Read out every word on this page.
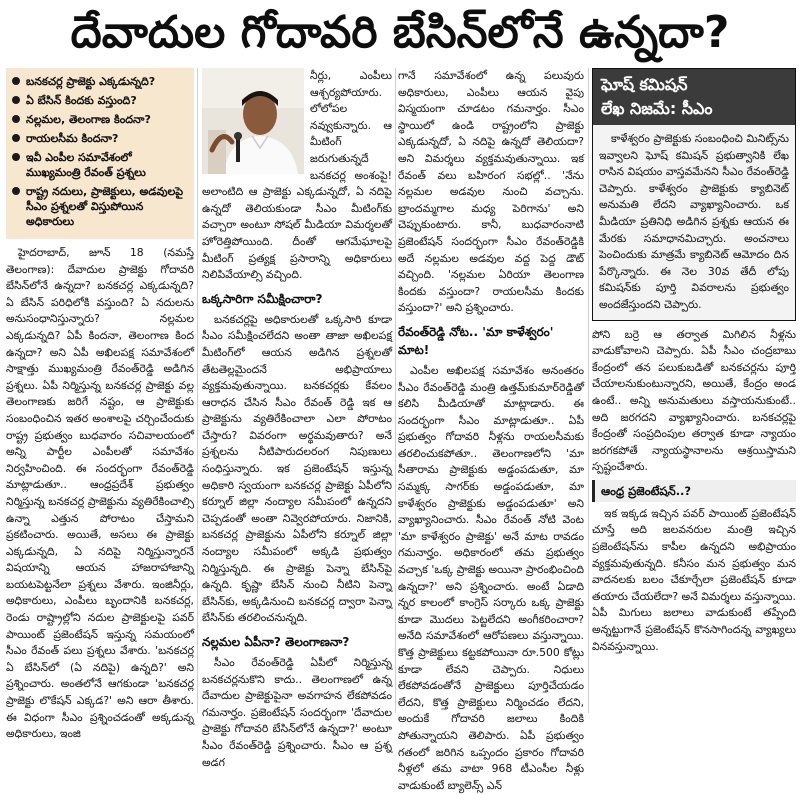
దేవాదుల గోదావరి బేసిన్‌లోనే ఉన్నదా?
బనకచర్ల ప్రాజెక్టు ఎక్కడున్నది?
ఏ బేసిన్ కిందకు వస్తుంది?
నల్లమల, తెలంగాణ కిందనా?
రాయలసీమ కిందనా?
ఇవీ ఎంపీల సమావేశంలో ముఖ్యమంత్రి రేవంత్ ప్రశ్నలు
రాష్ట్ర నదులు, ప్రాజెక్టులు, అడవులపై సీఎం ప్రశ్నలతో విస్తుపోయిన అధికారులు

హైదరాబాద్, జూన్ 18 (నమస్తే తెలంగాణ): దేవాదుల ప్రాజెక్టు గోదావరి బేసిన్‌లోనే ఉన్నదా? బనకచర్ల ఎక్కడున్నది? ఏ బేసిన్ పరిధిలోకి వస్తుంది? ఏ నదులను అనుసంధానిస్తున్నారు? నల్లమల ఎక్కడున్నది? ఏపీ కిందనా, తెలంగాణ కింద ఉన్నదా? అని ఏపీ అఖిలపక్ష సమావేశంలో సాక్షాత్తు ముఖ్యమంత్రి రేవంత్‌రెడ్డి అడిగిన ప్రశ్నలు. ఏపీ నిర్మిస్తున్న బనకచర్ల ప్రాజెక్టు వల్ల తెలంగాణకు జరిగే నష్టం, ఆ ప్రాజెక్టుకు సంబంధించిన ఇతర అంశాలపై చర్చించేందుకు రాష్ట్ర ప్రభుత్వం బుధవారం సచివాలయంలో అన్ని పార్టీల ఎంపీలతో సమావేశం నిర్వహించింది. ఈ సందర్భంగా రేవంత్‌రెడ్డి మాట్లాడుతూ.. ఆంధ్రప్రదేశ్ ప్రభుత్వం నిర్మిస్తున్న బనకచర్ల ప్రాజెక్టును వ్యతిరేకించాల్సి ఉన్నా ఎత్తున పోరాటం చేస్తామని ప్రకటించారు. అయితే, అసలు ఈ ప్రాజెక్టు ఎక్కడున్నది, ఏ నదిపై నిర్మిస్తున్నారనే విషయాన్ని ఆయన హాజరాహాజాన్ని బయటపెట్టనేలా ప్రశ్నలు వేశారు. ఇంజినీర్లు, అధికారులు, ఎంపీలు బృందానికి బనకచర్ల, రెండు రాష్ట్రాల్లోని నదుల ప్రాజెక్టులపై పవర్ పాయింట్ ప్రజెంటేషన్ ఇస్తున్న సమయంలో సీఎం రేవంత్ పలు ప్రశ్నలు వేశారు. 'బనకచర్ల ఏ బేసిన్‌లో (ఏ నదిపై) ఉన్నది?' అని ప్రశ్నించారు. అంతలోనే ఆగకుండా 'బనకచర్ల ప్రాజెక్టు లొకేషన్ ఎక్కడ?' అని ఆరా తీశారు. ఈ విధంగా సీఎం ప్రశ్నించడంతో అక్కడున్న అధికారులు, ఇంజి

నీర్లు, ఎంపీలు ఆశ్చర్యపోయారు. లోలోపల నవ్వుకున్నారు. ఆ మీటింగ్ జరుగుతున్నదే బనకచర్ల అంశంపై! అలాంటిది ఆ ప్రాజెక్టు ఎక్కడున్నదో, ఏ నదిపై ఉన్నదో తెలియకుండా సీఎం మీటింగ్‌కు వచ్చారా అంటూ సోషల్ మీడియా విమర్శలతో హోరెత్తిపోయింది. దీంతో ఆగమేఘాలపై మీటింగ్ ప్రత్యక్ష ప్రసారాన్ని అధికారులు నిలిపివేయాల్సి వచ్చింది.

ఒక్కసారిగా సమీక్షించారా?

బనకచర్లపై అధికారులతో ఒక్కసారి కూడా సీఎం సమీక్షించలేదని అంతా తాజా అఖిలపక్ష మీటింగ్‌లో ఆయన అడిగిన ప్రశ్నలతో తేటతెల్లమైందనే అభిప్రాయాలు వ్యక్తమవుతున్నాయి. బనకచర్లకు కేవలం ఆరాధన చేసిన సీఎం రేవంత్ రెడ్డి ఇక ఆ ప్రాజెక్టును వ్యతిరేకించాలా ఎలా పోరాటం చేస్తారు? వివరంగా అర్థమవుతారు? అనే ప్రశ్నలను నీటిపారుదలరంగ నిపుణులు సంధిస్తున్నారు. ఇక ప్రజెంటేషన్ ఇస్తున్న అధికారి స్వయంగా బనకచర్ల ప్రాజెక్టు ఏపీలోని కర్నూల్ జిల్లా నంద్యాల సమీపంలో ఉన్నదని చెప్పడంతో అంతా నివ్వెరపోయారు. నిజానికి, బనకచర్ల ప్రాజెక్టును ఏపీలోని కర్నూల్ జిల్లా నంద్యాల సమీపంలో అక్కడి ప్రభుత్వం నిర్మిస్తున్నది. ఈ ప్రాజెక్టు పెన్నా బేసిన్‌పై ఉన్నది. కృష్ణా బేసిన్ నుంచి నీటిని పెన్నా బేసిన్‌కు, అక్కడినుంచి బనకచర్ల ద్వారా పెన్నా బేసిన్‌కు తరలించనున్నది.

నల్లమల ఏపీనా? తెలంగాణనా?

సీఎం రేవంత్‌రెడ్డి ఏపీలో నిర్మిస్తున్న బనకచర్లనుకొని కాదు.. తెలంగాణలో ఉన్న దేవాదుల ప్రాజెక్టుపైనా అవగాహన లేకపోవడం గమనార్హం. ప్రజెంటేషన్ సందర్భంగా 'దేవాదుల ప్రాజెక్టు గోదావరి బేసిన్‌లోనే ఉన్నదా?' అంటూ సీఎం రేవంత్‌రెడ్డి ప్రశ్నించారు. సీఎం ఆ ప్రశ్న అడగ

గానే సమావేశంలో ఉన్న పలువురు అధికారులు, ఎంపీలు ఆయన వైపు విస్మయంగా చూడటం గమనార్హం. సీఎం స్థాయిలో ఉండి రాష్ట్రంలోని ప్రాజెక్టు ఎక్కడున్నదో, ఏ నదిపై ఉన్నదో తెలియదా? అని విమర్శలు వ్యక్తమవుతున్నాయి. ఇక రేవంత్ వలు బహిరంగ సభల్లో.. 'నేను నల్లమల అడవుల నుంచి వచ్చాను. బ్రాందమ్మగాల మధ్య పెరిగాను' అని చెప్పుకుంటారు. కానీ, బుధవారంనాటి ప్రజెంటేషన్ సందర్భంగా సీఎం రేవంత్‌రెడ్డికి అదే నల్లమల అడవుల వద్ద పెద్ద డౌట్ వచ్చింది. 'నల్లమల ఏరియా తెలంగాణ కిందకు వస్తుందా? రాయలసీమ కిందకు వస్తుందా?' అని ప్రశ్నించారు.

రేవంత్‌రెడ్డి నోట.. 'మా కాళేశ్వరం' మాట!

ఎంపీల అఖిలపక్ష సమావేశం అనంతరం సీఎం రేవంత్‌రెడ్డి మంత్రి ఉత్తమ్‌కుమార్‌రెడ్డితో కలిసి మీడియాతో మాట్లాడారు. ఈ సందర్భంగా సీఎం మాట్లాడుతూ.. ఏపీ ప్రభుత్వం గోదావరి నీళ్లను రాయలసీమకు తరలించుకపోతూ.. తెలంగాణలోని 'మా సీతారామ ప్రాజెక్టుకు అడ్డంపడుతూ, మా సమ్మక్క సాగర్‌కు అడ్డంపడుతూ, మా కాళేశ్వరం ప్రాజెక్టుకు అడ్డంపడుతూ' అని వ్యాఖ్యానించారు. సీఎం రేవంత్ నోటి వెంట 'మా కాళేశ్వరం ప్రాజెక్టు' అనే మాట రావడం గమనార్హం. అధికారంలో తమ ప్రభుత్వం వచ్చాక 'ఒక్క ప్రాజెక్టు అయినా ప్రారంభించింది ఉన్నదా?' అని ప్రశ్నించారు. అంటే ఏడాది న్నర కాలంలో కాంగ్రెస్ సర్కారు ఒక్క ప్రాజెక్టు కూడా మొదలు పెట్టలేదని అంగీకరించారా? అనేది సమావేశంలో ఆరోపణలు వస్తున్నాయి. కొత్త ప్రాజెక్టులు కట్టకపోయినా రూ.500 కోట్లు కూడా లేవని చెప్పారు. నిధులు లేకపోవడంతోనే ప్రాజెక్టులు పూర్తిచేయడం లేదని, కొత్త ప్రాజెక్టులు నిర్మించడం లేదని, అందుకే గోదావరి జలాలు కిందికి పోతున్నాయని తెలిపారు. ఏపీ ప్రభుత్వం గతంలో జరిగిన ఒప్పందం ప్రకారం గోదావరి నీళ్లలో తమ వాటా 968 టీఎంసీల నీళ్లు వాడుకుంటే బ్యాలెన్స్ ఎన్

ఘోష్ కమిషన్
లేఖ నిజమే: సీఎం

కాళేశ్వరం ప్రాజెక్టుకు సంబంధించి మినిట్స్‌ను ఇవ్వాలని ఘోష్ కమిషన్ ప్రభుత్వానికి లేఖ రాసిన విషయం వాస్తవమేనని సీఎం రేవంత్‌రెడ్డి చెప్పారు. కాళేశ్వరం ప్రాజెక్టుకు క్యాబినెట్ అనుమతి లేదని వ్యాఖ్యానించారు. ఒక మీడియా ప్రతినిధి అడిగిన ప్రశ్నకు ఆయన ఈ మేరకు సమాధానమిచ్చారు. అంచనాలు పెంచిందుకు మాత్రమే క్యాబినెట్ ఆమోదం దిన పేర్కొన్నారు. ఈ నెల 30వ తేదీ లోపు కమిషన్‌కు పూర్తి వివరాలను ప్రభుత్వం అందజేస్తుందని చెప్పారు.

పోని బర్రె ఆ తర్వాత మిగిలిన నీళ్లను వాడుకోవాలని చెప్పారు. ఏపీ సీఎం చంద్రబాబు కేంద్రంలో తన పలుకుబడితో బనకచర్లను పూర్తి చేయాలనుకుంటున్నారని, అయితే, కేంద్రం అండ ఉంటే.. అన్ని అనుమతులు వస్తాయనుకుంటే.. అది జరగదని వ్యాఖ్యానించారు. బనకచర్లపై కేంద్రంతో సంప్రదింపుల తర్వాత కూడా న్యాయం జరగకపోతే న్యాయస్థానాలను ఆశ్రయిస్తామని స్పష్టంచేశారు.

ఆంధ్ర ప్రజెంటేషన్..?

ఇక ఇక్కడ ఇచ్చిన పవర్ పాయింట్ ప్రజెంటేషన్ చూస్తే అది జలవనరుల మంత్రి ఇచ్చిన ప్రజెంటేషన్‌ను కాపీల ఉన్నదని అభిప్రాయం వ్యక్తమవుతున్నది. కనీసం మన ప్రభుత్వం మన వాదనలకు బలం చేకూర్చేలా ప్రజెంటేషన్ కూడా తయారు చేయలేదా? అనే విమర్శలు వస్తున్నాయి. ఏపీ మిగులు జలాలు వాడుకుంటే తప్పేంది అన్నట్టుగానే ప్రజెంటేషన్ కొనసాగిందన్న వ్యాఖ్యలు వినవస్తున్నాయి.
